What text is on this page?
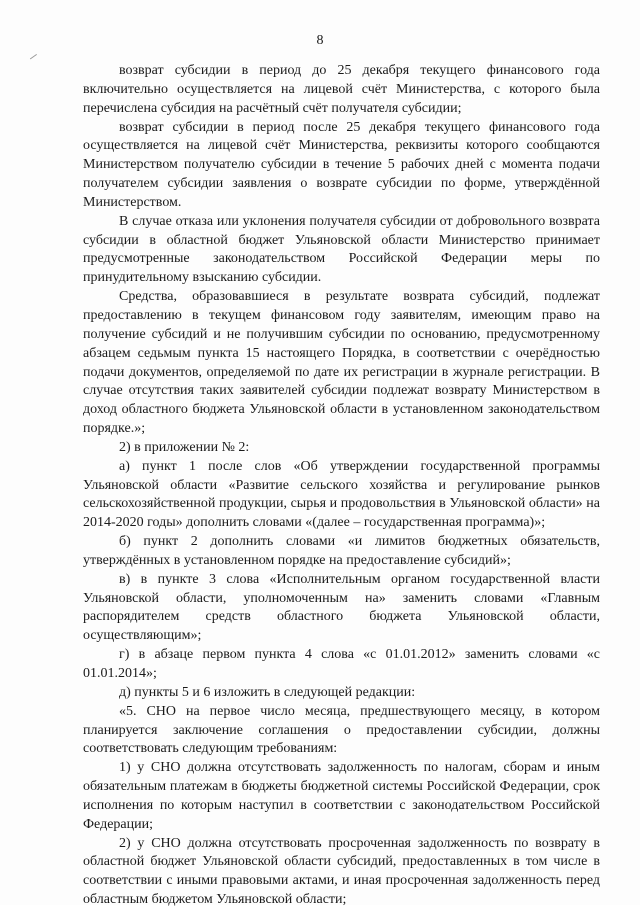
8

возврат субсидии в период до 25 декабря текущего финансового года включительно осуществляется на лицевой счёт Министерства, с которого была перечислена субсидия на расчётный счёт получателя субсидии;

возврат субсидии в период после 25 декабря текущего финансового года осуществляется на лицевой счёт Министерства, реквизиты которого сообщаются Министерством получателю субсидии в течение 5 рабочих дней с момента подачи получателем субсидии заявления о возврате субсидии по форме, утверждённой Министерством.

В случае отказа или уклонения получателя субсидии от добровольного возврата субсидии в областной бюджет Ульяновской области Министерство принимает предусмотренные законодательством Российской Федерации меры по принудительному взысканию субсидии.

Средства, образовавшиеся в результате возврата субсидий, подлежат предоставлению в текущем финансовом году заявителям, имеющим право на получение субсидий и не получившим субсидии по основанию, предусмотренному абзацем седьмым пункта 15 настоящего Порядка, в соответствии с очерёдностью подачи документов, определяемой по дате их регистрации в журнале регистрации. В случае отсутствия таких заявителей субсидии подлежат возврату Министерством в доход областного бюджета Ульяновской области в установленном законодательством порядке.»;

2) в приложении № 2:

а) пункт 1 после слов «Об утверждении государственной программы Ульяновской области «Развитие сельского хозяйства и регулирование рынков сельскохозяйственной продукции, сырья и продовольствия в Ульяновской области» на 2014-2020 годы» дополнить словами «(далее – государственная программа)»;

б) пункт 2 дополнить словами «и лимитов бюджетных обязательств, утверждённых в установленном порядке на предоставление субсидий»;

в) в пункте 3 слова «Исполнительным органом государственной власти Ульяновской области, уполномоченным на» заменить словами «Главным распорядителем средств областного бюджета Ульяновской области, осуществляющим»;

г) в абзаце первом пункта 4 слова «с 01.01.2012» заменить словами «с 01.01.2014»;

д) пункты 5 и 6 изложить в следующей редакции:

«5. СНО на первое число месяца, предшествующего месяцу, в котором планируется заключение соглашения о предоставлении субсидии, должны соответствовать следующим требованиям:

1) у СНО должна отсутствовать задолженность по налогам, сборам и иным обязательным платежам в бюджеты бюджетной системы Российской Федерации, срок исполнения по которым наступил в соответствии с законодательством Российской Федерации;

2) у СНО должна отсутствовать просроченная задолженность по возврату в областной бюджет Ульяновской области субсидий, предоставленных в том числе в соответствии с иными правовыми актами, и иная просроченная задолженность перед областным бюджетом Ульяновской области;
